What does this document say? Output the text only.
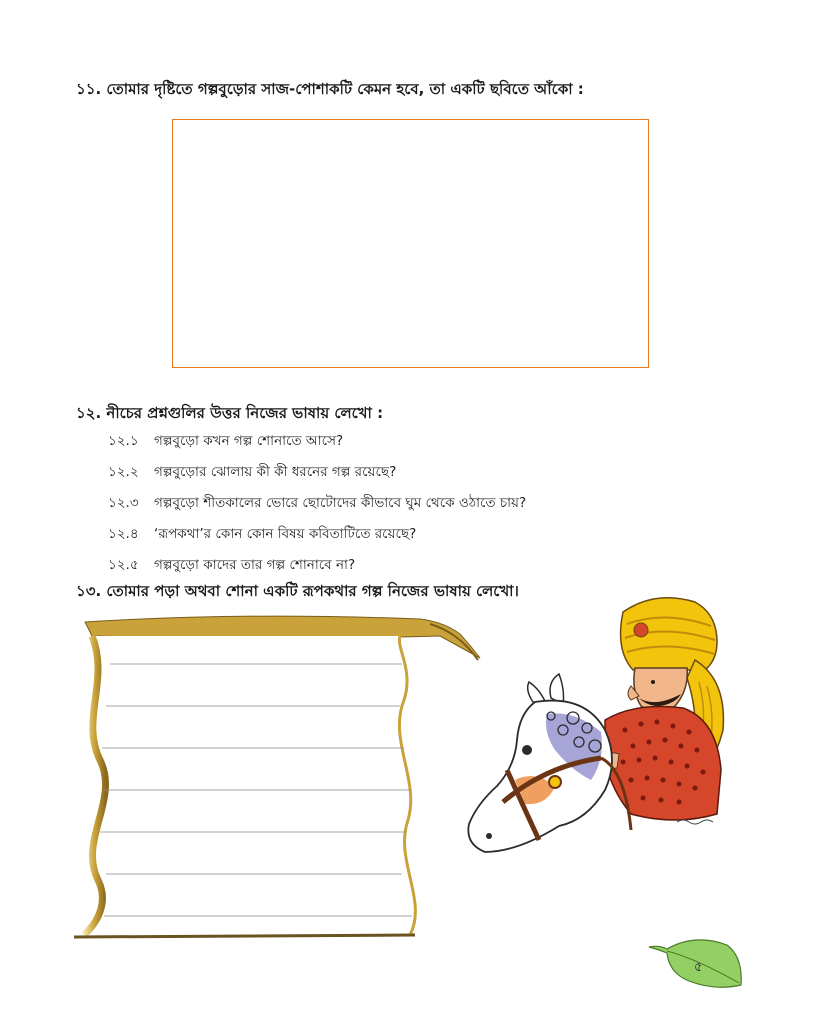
১১. তোমার দৃষ্টিতে গল্পবুড়োর সাজ-পোশাকটি কেমন হবে, তা একটি ছবিতে আঁকো :

১২. নীচের প্রশ্নগুলির উত্তর নিজের ভাষায় লেখো :

১২.১	গল্পবুড়ো কখন গল্প শোনাতে আসে?
১২.২	গল্পবুড়োর ঝোলায় কী কী ধরনের গল্প রয়েছে?
১২.৩	গল্পবুড়ো শীতকালের ভোরে ছোটোদের কীভাবে ঘুম থেকে ওঠাতে চায়?
১২.৪	‘রূপকথা’র কোন কোন বিষয় কবিতাটিতে রয়েছে?
১২.৫	গল্পবুড়ো কাদের তার গল্প শোনাবে না?

১৩. তোমার পড়া অথবা শোনা একটি রূপকথার গল্প নিজের ভাষায় লেখো।

৫
